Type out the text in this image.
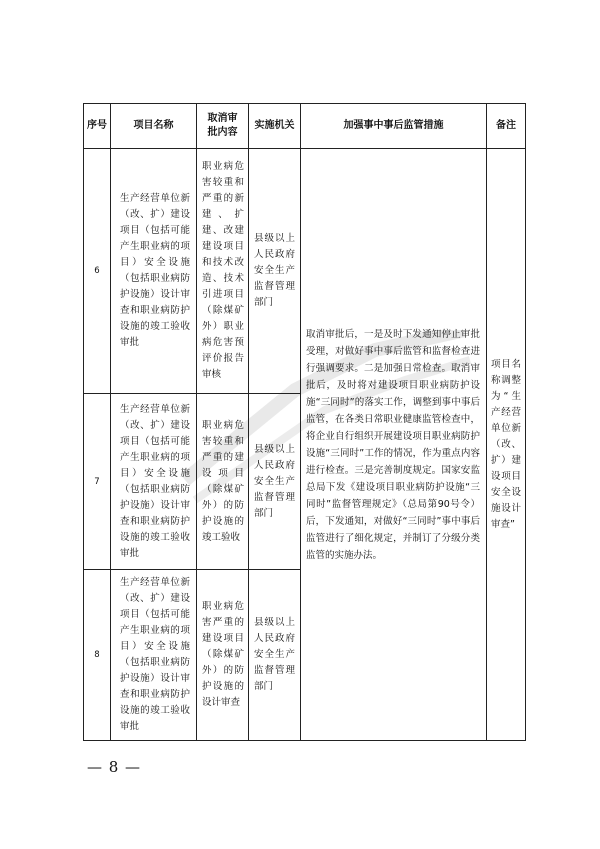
序号	项目名称	取消审批内容	实施机关	加强事中事后监管措施	备注
6	生产经营单位新（改、扩）建设项目（包括可能产生职业病的项目）安全设施（包括职业病防护设施）设计审查和职业病防护设施的竣工验收审批	职业病危害较重和严重的新建、扩建、改建建设项目和技术改造、技术引进项目（除煤矿外）职业病危害预评价报告审核	县级以上人民政府安全生产监督管理部门	取消审批后，一是及时下发通知停止审批受理，对做好事中事后监管和监督检查进行强调要求。二是加强日常检查。取消审批后，及时将对建设项目职业病防护设施“三同时”的落实工作，调整到事中事后监管，在各类日常职业健康监管检查中，将企业自行组织开展建设项目职业病防护设施“三同时”工作的情况，作为重点内容进行检查。三是完善制度规定。国家安监总局下发《建设项目职业病防护设施“三同时”监督管理规定》（总局第90号令）后，下发通知，对做好“三同时”事中事后监管进行了细化规定，并制订了分级分类监管的实施办法。	项目名称调整为“生产经营单位新（改、扩）建设项目安全设施设计审查”

7	生产经营单位新（改、扩）建设项目（包括可能产生职业病的项目）安全设施（包括职业病防护设施）设计审查和职业病防护设施的竣工验收审批	职业病危害较重和严重的建设项目（除煤矿外）的防护设施的竣工验收	县级以上人民政府安全生产监督管理部门		

8	生产经营单位新（改、扩）建设项目（包括可能产生职业病的项目）安全设施（包括职业病防护设施）设计审查和职业病防护设施的竣工验收审批	职业病危害严重的建设项目（除煤矿外）的防护设施的设计审查	县级以上人民政府安全生产监督管理部门		
— 8 —
